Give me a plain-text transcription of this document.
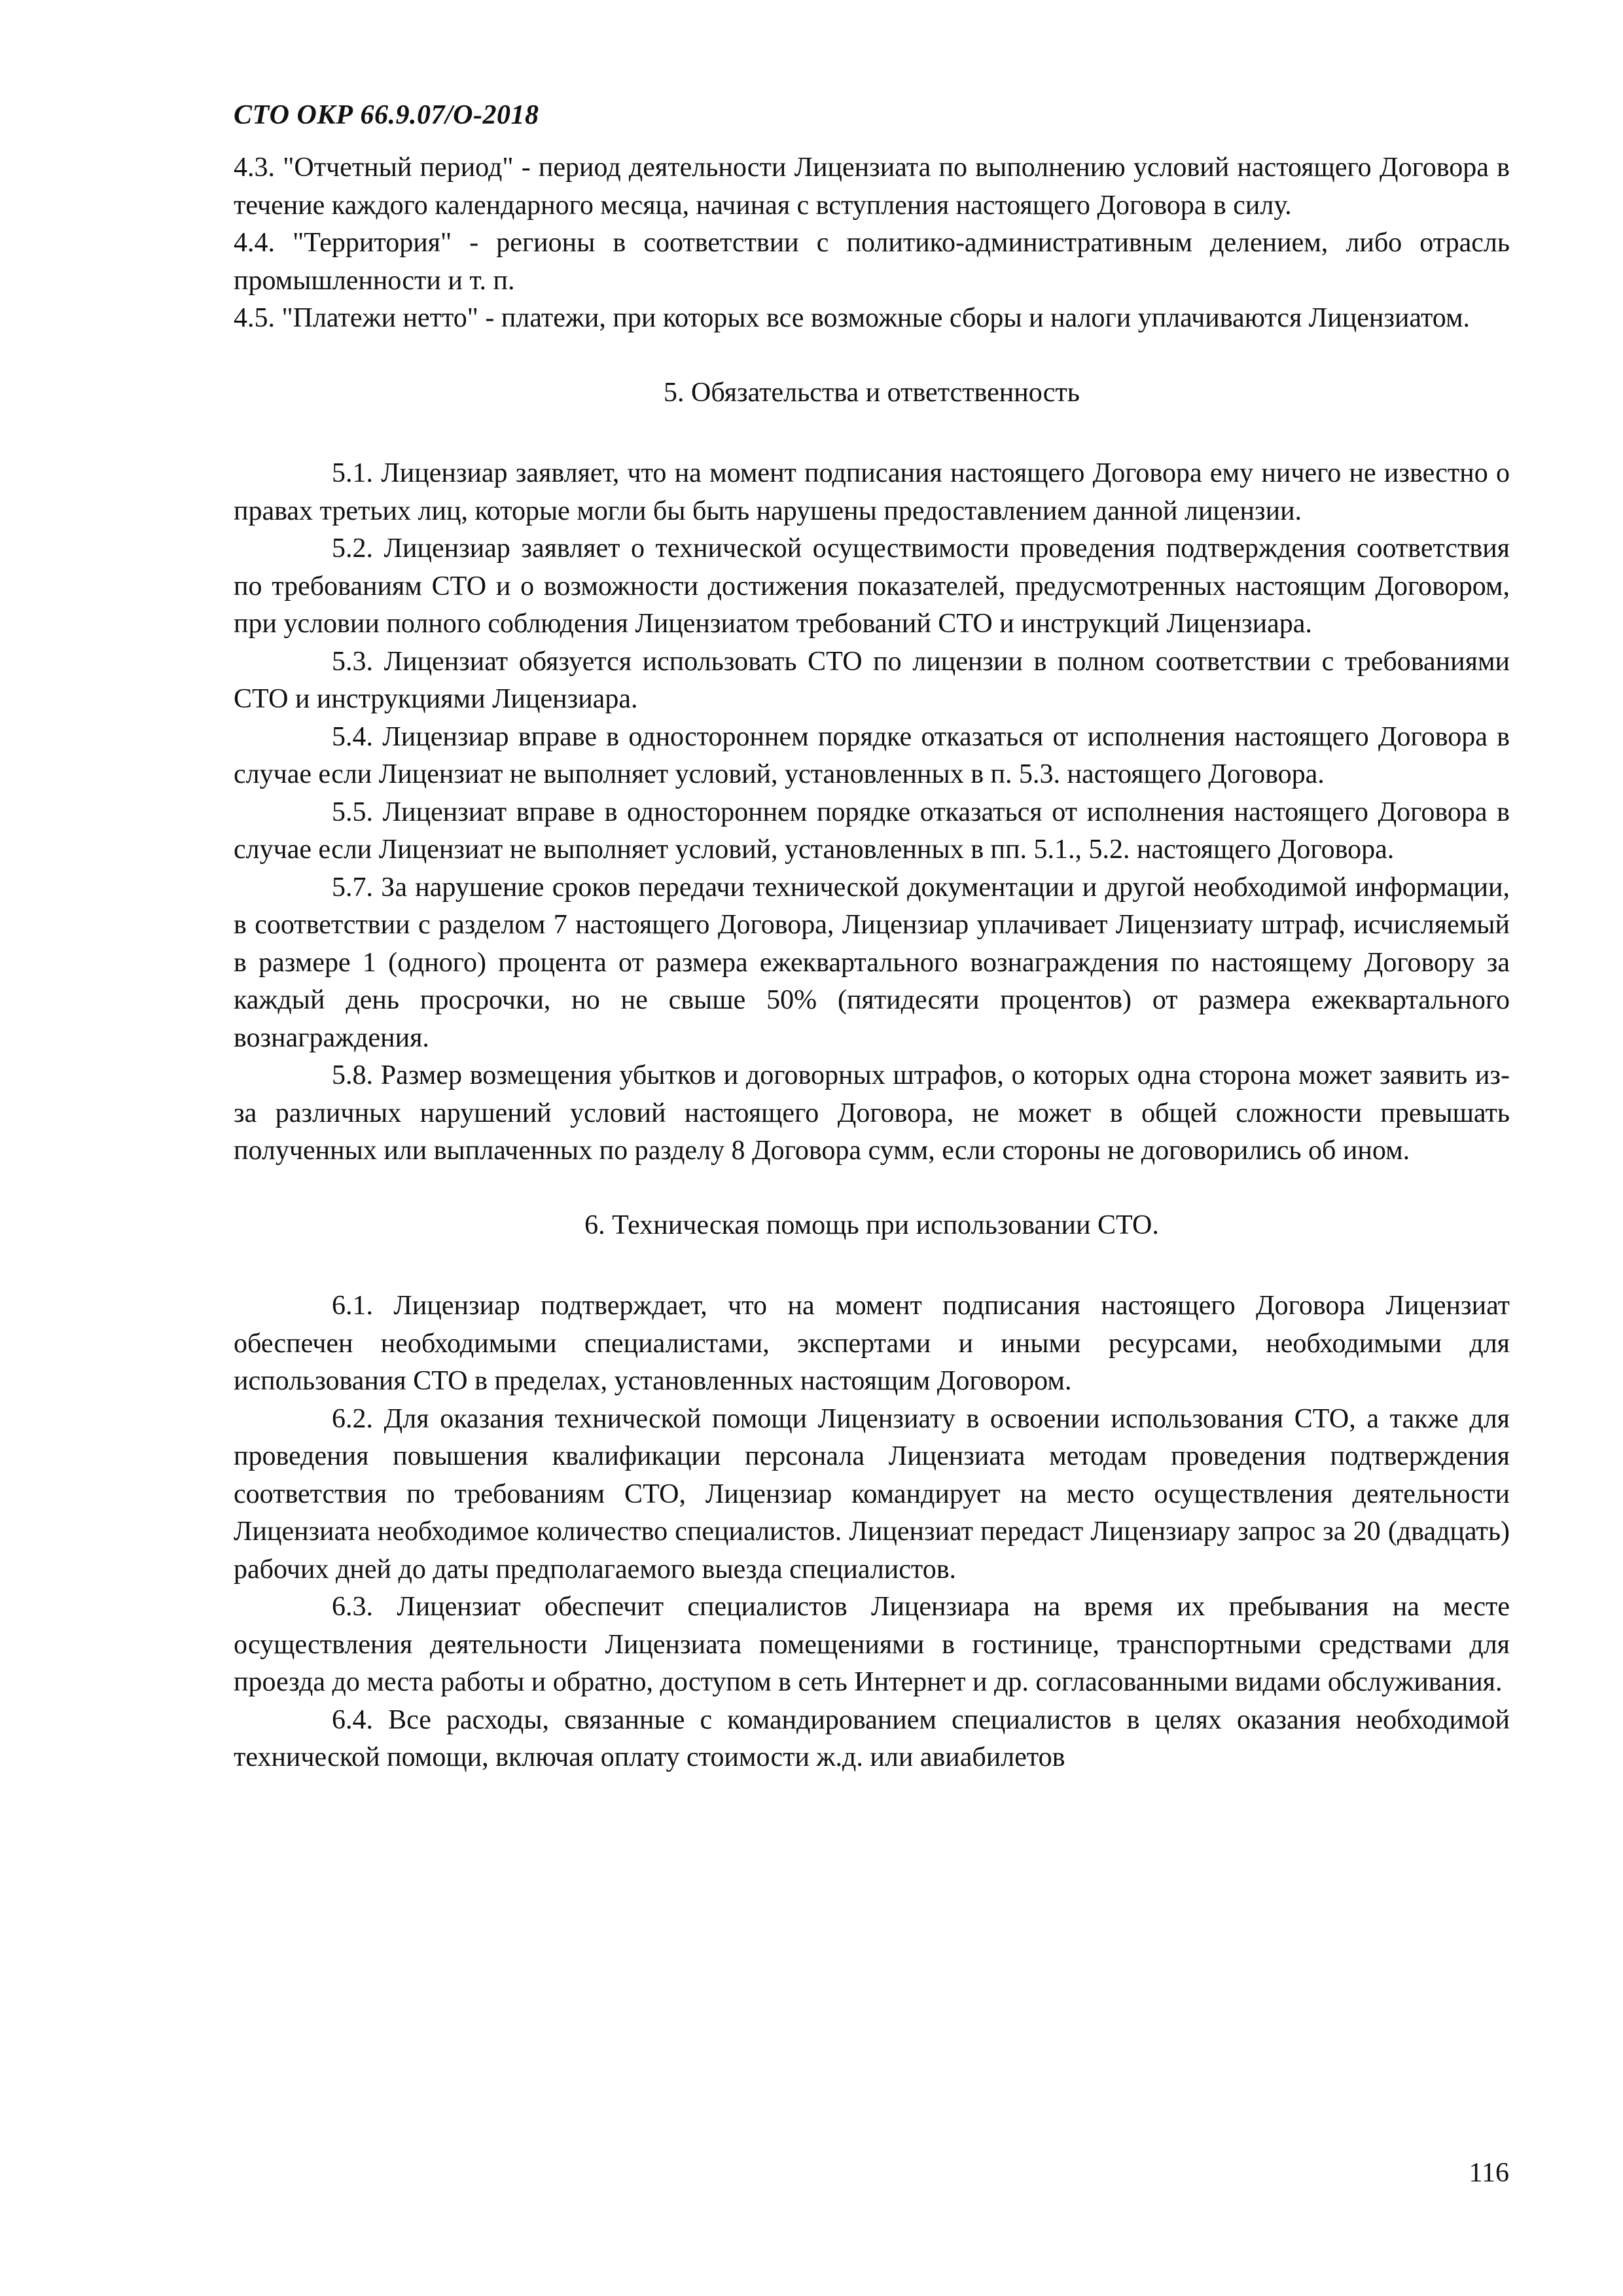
СТО ОКР 66.9.07/О-2018

4.3. "Отчетный период" - период деятельности Лицензиата по выполнению условий настоящего Договора в течение каждого календарного месяца, начиная с вступления настоящего Договора в силу.

4.4. "Территория" - регионы в соответствии с политико-административным делением, либо отрасль промышленности и т. п.

4.5. "Платежи нетто" - платежи, при которых все возможные сборы и налоги уплачиваются Лицензиатом.

5. Обязательства и ответственность

5.1. Лицензиар заявляет, что на момент подписания настоящего Договора ему ничего не известно о правах третьих лиц, которые могли бы быть нарушены предоставлением данной лицензии.

5.2. Лицензиар заявляет о технической осуществимости проведения подтверждения соответствия по требованиям СТО и о возможности достижения показателей, предусмотренных настоящим Договором, при условии полного соблюдения Лицензиатом требований СТО и инструкций Лицензиара.

5.3. Лицензиат обязуется использовать СТО по лицензии в полном соответствии с требованиями СТО и инструкциями Лицензиара.

5.4. Лицензиар вправе в одностороннем порядке отказаться от исполнения настоящего Договора в случае если Лицензиат не выполняет условий, установленных в п. 5.3. настоящего Договора.

5.5. Лицензиат вправе в одностороннем порядке отказаться от исполнения настоящего Договора в случае если Лицензиат не выполняет условий, установленных в пп. 5.1., 5.2. настоящего Договора.

5.7. За нарушение сроков передачи технической документации и другой необходимой информации, в соответствии с разделом 7 настоящего Договора, Лицензиар уплачивает Лицензиату штраф, исчисляемый в размере 1 (одного) процента от размера ежеквартального вознаграждения по настоящему Договору за каждый день просрочки, но не свыше 50% (пятидесяти процентов) от размера ежеквартального вознаграждения.

5.8. Размер возмещения убытков и договорных штрафов, о которых одна сторона может заявить из-за различных нарушений условий настоящего Договора, не может в общей сложности превышать полученных или выплаченных по разделу 8 Договора сумм, если стороны не договорились об ином.

6. Техническая помощь при использовании СТО.

6.1. Лицензиар подтверждает, что на момент подписания настоящего Договора Лицензиат обеспечен необходимыми специалистами, экспертами и иными ресурсами, необходимыми для использования СТО в пределах, установленных настоящим Договором.

6.2. Для оказания технической помощи Лицензиату в освоении использования СТО, а также для проведения повышения квалификации персонала Лицензиата методам проведения подтверждения соответствия по требованиям СТО, Лицензиар командирует на место осуществления деятельности Лицензиата необходимое количество специалистов. Лицензиат передаст Лицензиару запрос за 20 (двадцать) рабочих дней до даты предполагаемого выезда специалистов.

6.3. Лицензиат обеспечит специалистов Лицензиара на время их пребывания на месте осуществления деятельности Лицензиата помещениями в гостинице, транспортными средствами для проезда до места работы и обратно, доступом в сеть Интернет и др. согласованными видами обслуживания.

6.4. Все расходы, связанные с командированием специалистов в целях оказания необходимой технической помощи, включая оплату стоимости ж.д. или авиабилетов

116
